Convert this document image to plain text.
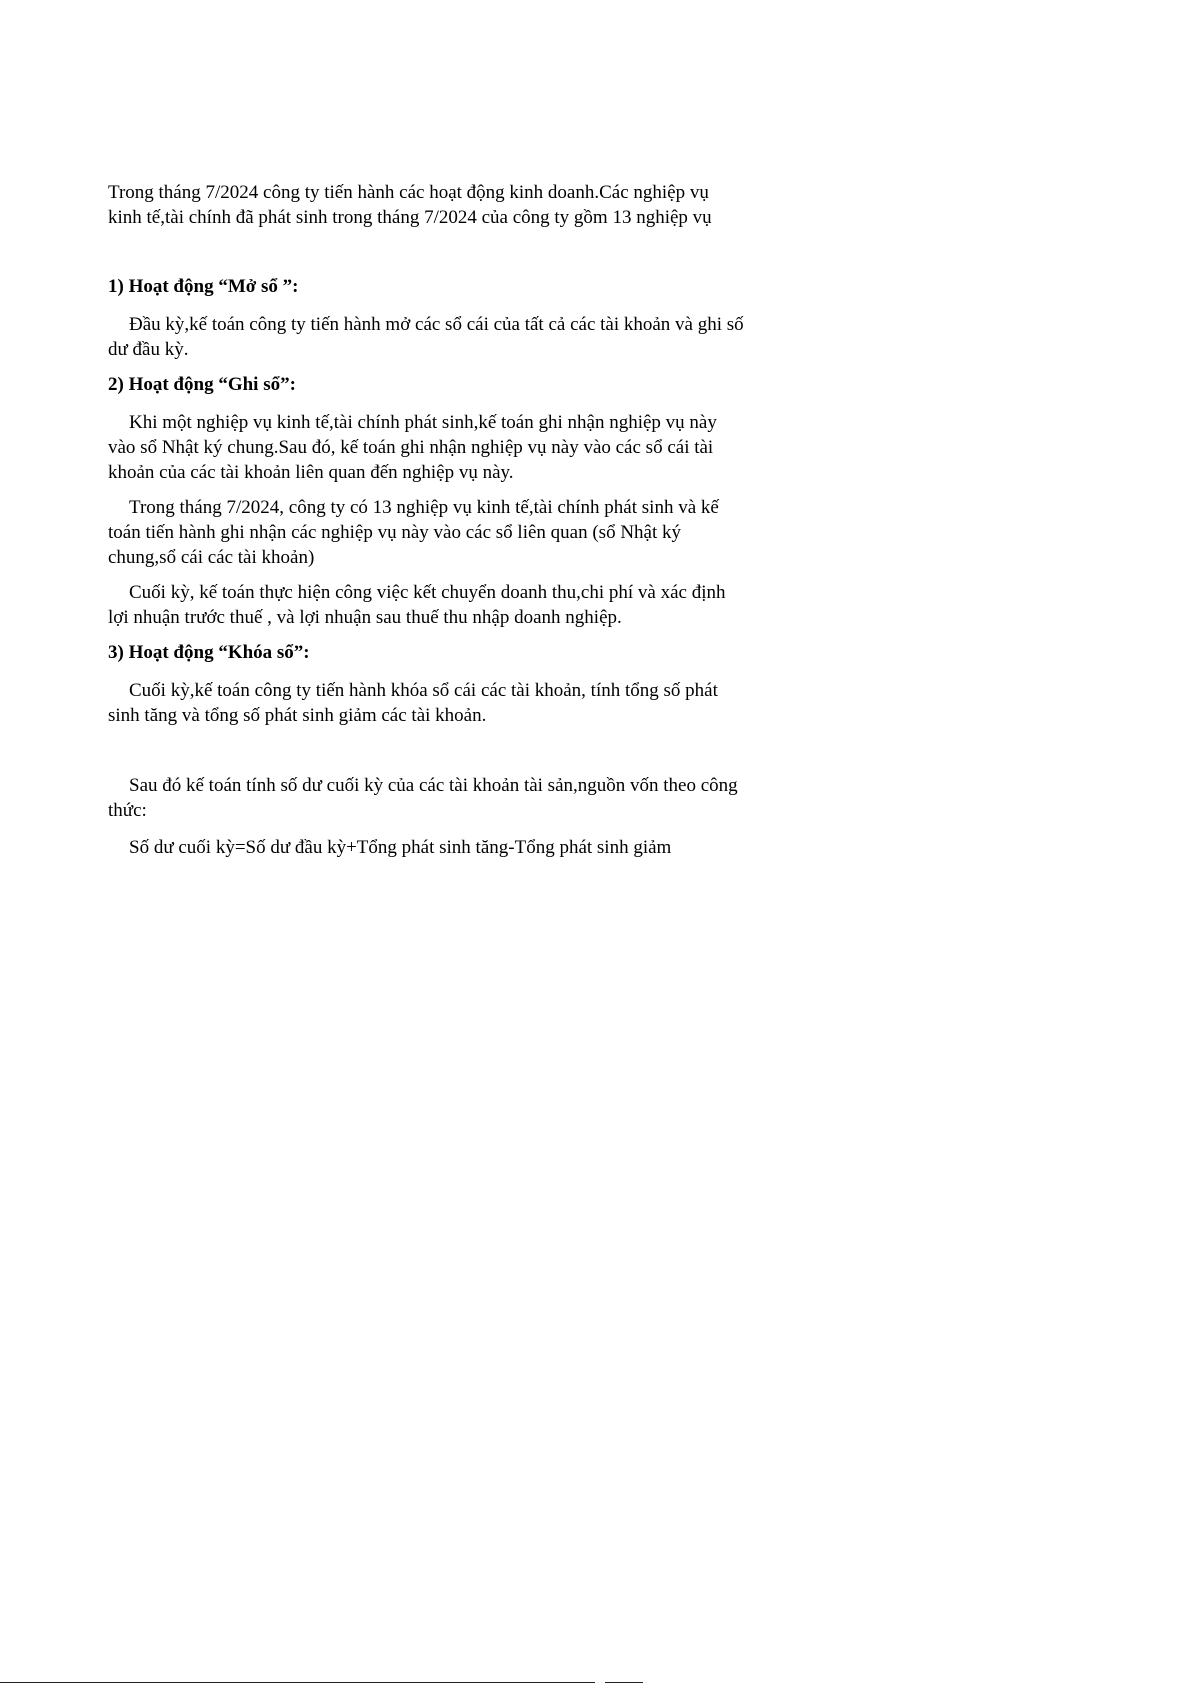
Trong tháng 7/2024 công ty tiến hành các hoạt động kinh doanh.Các nghiệp vụ
kinh tế,tài chính đã phát sinh trong tháng 7/2024 của công ty gồm 13 nghiệp vụ

1) Hoạt động “Mở sổ ”:

Đầu kỳ,kế toán công ty tiến hành mở các sổ cái của tất cả các tài khoản và ghi số
dư đầu kỳ.

2) Hoạt động “Ghi sổ”:

Khi một nghiệp vụ kinh tế,tài chính phát sinh,kế toán ghi nhận nghiệp vụ này
vào sổ Nhật ký chung.Sau đó, kế toán ghi nhận nghiệp vụ này vào các sổ cái tài
khoản của các tài khoản liên quan đến nghiệp vụ này.

Trong tháng 7/2024, công ty có 13 nghiệp vụ kinh tế,tài chính phát sinh và kế
toán tiến hành ghi nhận các nghiệp vụ này vào các sổ liên quan (sổ Nhật ký
chung,sổ cái các tài khoản)

Cuối kỳ, kế toán thực hiện công việc kết chuyển doanh thu,chi phí và xác định
lợi nhuận trước thuế , và lợi nhuận sau thuế thu nhập doanh nghiệp.

3) Hoạt động “Khóa sổ”:

Cuối kỳ,kế toán công ty tiến hành khóa sổ cái các tài khoản, tính tổng số phát
sinh tăng và tổng số phát sinh giảm các tài khoản.

Sau đó kế toán tính số dư cuối kỳ của các tài khoản tài sản,nguồn vốn theo công
thức:

Số dư cuối kỳ=Số dư đầu kỳ+Tổng phát sinh tăng-Tổng phát sinh giảm
